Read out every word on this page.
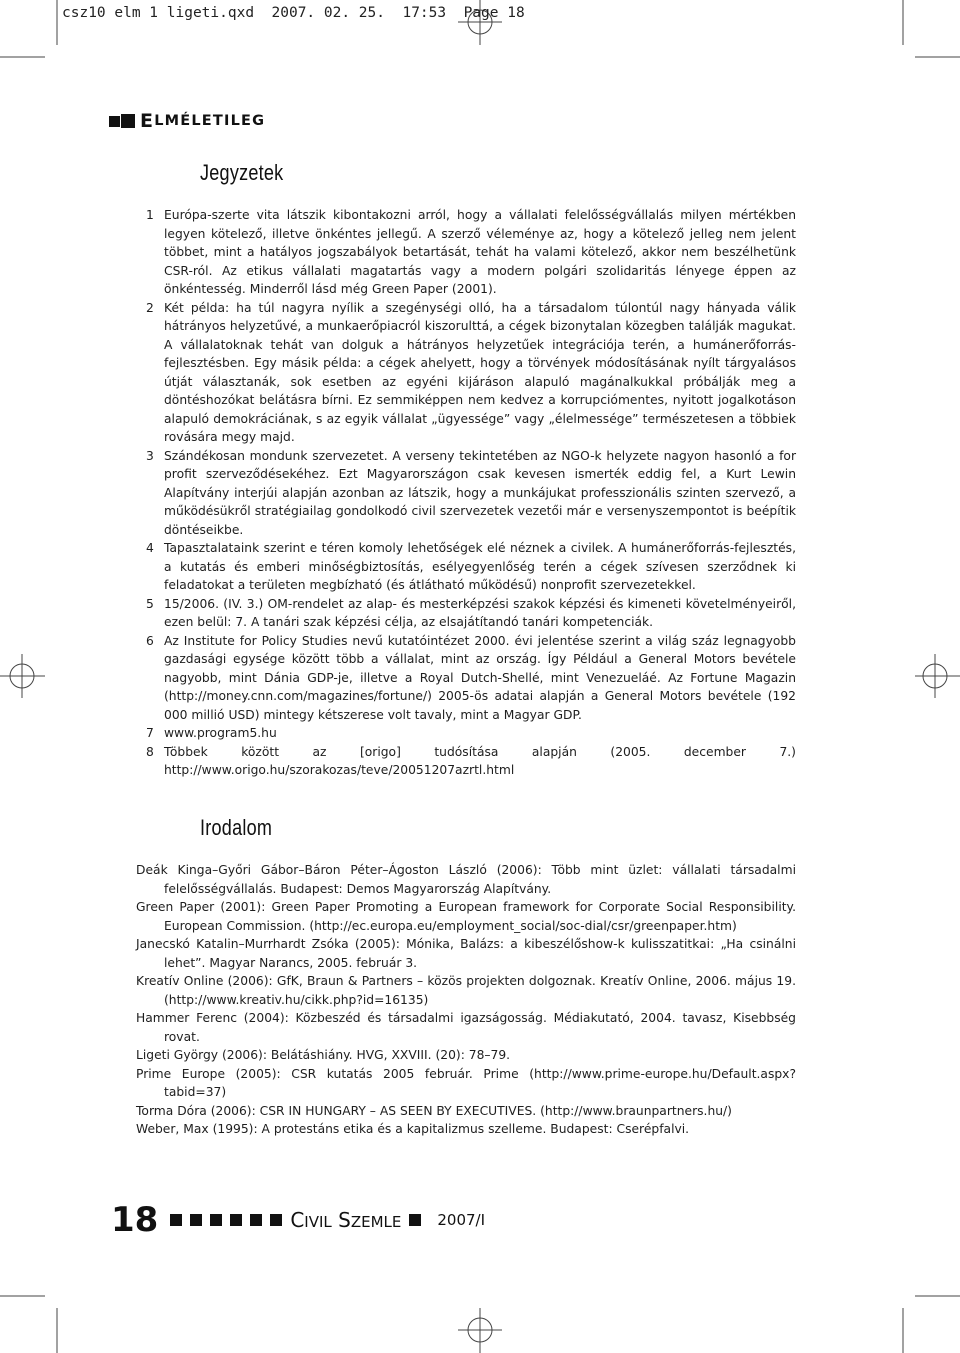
csz10 elm 1 ligeti.qxd  2007. 02. 25.  17:53  Page 18
E LMÉLETILEG
Jegyzetek
1 Európa-szerte vita látszik kibontakozni arról, hogy a vállalati felelősségvállalás milyen mértékben legyen kötelező, illetve önkéntes jellegű. A szerző véleménye az, hogy a kötelező jelleg nem jelent többet, mint a hatályos jogszabályok betartását, tehát ha valami kötelező, akkor nem beszélhetünk CSR-ról. Az etikus vállalati magatartás vagy a modern polgári szolidaritás lényege éppen az önkéntesség. Minderről lásd még Green Paper (2001).
2 Két példa: ha túl nagyra nyílik a szegénységi olló, ha a társadalom túlontúl nagy hányada válik hátrányos helyzetűvé, a munkaerőpiacról kiszorulttá, a cégek bizonytalan közegben találják magukat. A vállalatoknak tehát van dolguk a hátrányos helyzetűek integrációja terén, a humánerőforrás-fejlesztésben. Egy másik példa: a cégek ahelyett, hogy a törvények módosításának nyílt tárgyalásos útját választanák, sok esetben az egyéni kijáráson alapuló magánalkukkal próbálják meg a döntéshozókat belátásra bírni. Ez semmiképpen nem kedvez a korrupciómentes, nyitott jogalkotáson alapuló demokráciának, s az egyik vállalat „ügyessége” vagy „élelmessége” természetesen a többiek rovására megy majd.
3 Szándékosan mondunk szervezetet. A verseny tekintetében az NGO-k helyzete nagyon hasonló a for profit szerveződésekéhez. Ezt Magyarországon csak kevesen ismerték eddig fel, a Kurt Lewin Alapítvány interjúi alapján azonban az látszik, hogy a munkájukat professzionális szinten szervező, a működésükről stratégiailag gondolkodó civil szervezetek vezetői már e versenyszempontot is beépítik döntéseikbe.
4 Tapasztalataink szerint e téren komoly lehetőségek elé néznek a civilek. A humánerőforrás-fejlesztés, a kutatás és emberi minőségbiztosítás, esélyegyenlőség terén a cégek szívesen szerződnek ki feladatokat a területen megbízható (és átlátható működésű) nonprofit szervezetekkel.
5 15/2006. (IV. 3.) OM-rendelet az alap- és mesterképzési szakok képzési és kimeneti követelményeiről, ezen belül: 7. A tanári szak képzési célja, az elsajátítandó tanári kompetenciák.
6 Az Institute for Policy Studies nevű kutatóintézet 2000. évi jelentése szerint a világ száz legnagyobb gazdasági egysége között több a vállalat, mint az ország. Így Például a General Motors bevétele nagyobb, mint Dánia GDP-je, illetve a Royal Dutch-Shellé, mint Venezueláé. Az Fortune Magazin (http://money.cnn.com/magazines/fortune/) 2005-ös adatai alapján a General Motors bevétele (192 000 millió USD) mintegy kétszerese volt tavaly, mint a Magyar GDP.
7 www.program5.hu
8 Többek között az [origo] tudósítása alapján (2005. december 7.) http://www.origo.hu/szorakozas/teve/20051207azrtl.html
Irodalom
Deák Kinga–Győri Gábor–Báron Péter–Ágoston László (2006): Több mint üzlet: vállalati társadalmi felelősségvállalás. Budapest: Demos Magyarország Alapítvány.
Green Paper (2001): Green Paper Promoting a European framework for Corporate Social Responsibility. European Commission. (http://ec.europa.eu/employment_social/soc-dial/csr/greenpaper.htm)
Janecskó Katalin–Murrhardt Zsóka (2005): Mónika, Balázs: a kibeszélőshow-k kulisszatitkai: „Ha csinálni lehet”. Magyar Narancs, 2005. február 3.
Kreatív Online (2006): GfK, Braun & Partners – közös projekten dolgoznak. Kreatív Online, 2006. május 19. (http://www.kreativ.hu/cikk.php?id=16135)
Hammer Ferenc (2004): Közbeszéd és társadalmi igazságosság. Médiakutató, 2004. tavasz, Kisebbség rovat.
Ligeti György (2006): Belátáshiány. HVG, XXVIII. (20): 78–79.
Prime Europe (2005): CSR kutatás 2005 február. Prime (http://www.prime-europe.hu/Default.aspx?tabid=37)
Torma Dóra (2006): CSR IN HUNGARY – AS SEEN BY EXECUTIVES. (http://www.braunpartners.hu/)
Weber, Max (1995): A protestáns etika és a kapitalizmus szelleme. Budapest: Cserépfalvi.
18	CIVIL SZEMLE 2007/I
